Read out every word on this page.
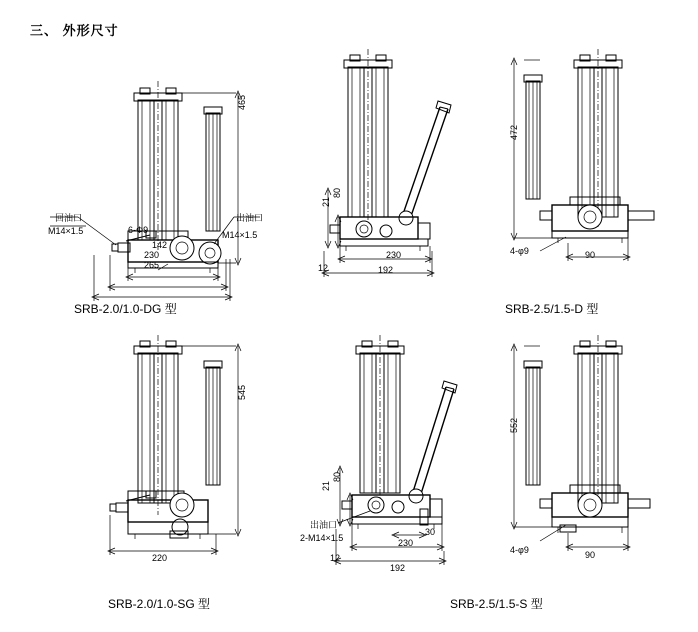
三、 外形尺寸
465
142
230
265
6-Φ9
回油口
M14×1.5
出油口
M14×1.5
SRB-2.0/1.0-DG 型
21
80
230
12	192
472
4-φ9	90
SRB-2.5/1.5-D 型
545
220
SRB-2.0/1.0-SG 型
21
80
30
230
12
192
出油口
2-M14×1.5
SRB-2.5/1.5-S 型
552
4-φ9	90
